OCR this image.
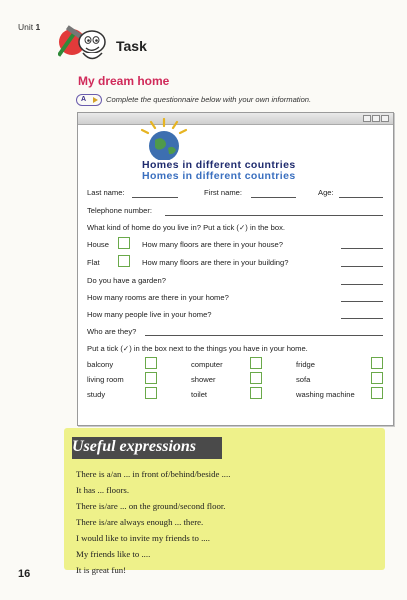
Unit 1
Task
My dream home
A	Complete the questionnaire below with your own information.
Homes in different countries
Homes in different countries
Last name:	First name:	Age:
Telephone number:
What kind of home do you live in? Put a tick (✓) in the box.
House	How many floors are there in your house?
Flat	How many floors are there in your building?
Do you have a garden?
How many rooms are there in your home?
How many people live in your home?
Who are they?
Put a tick (✓) in the box next to the things you have in your home.
balcony	computer	fridge
living room	shower	sofa
study	toilet	washing machine
Useful expressions
There is a/an ... in front of/behind/beside ....
It has ... floors.
There is/are ... on the ground/second floor.
There is/are always enough ... there.
I would like to invite my friends to ....
My friends like to ....
It is great fun!
16
